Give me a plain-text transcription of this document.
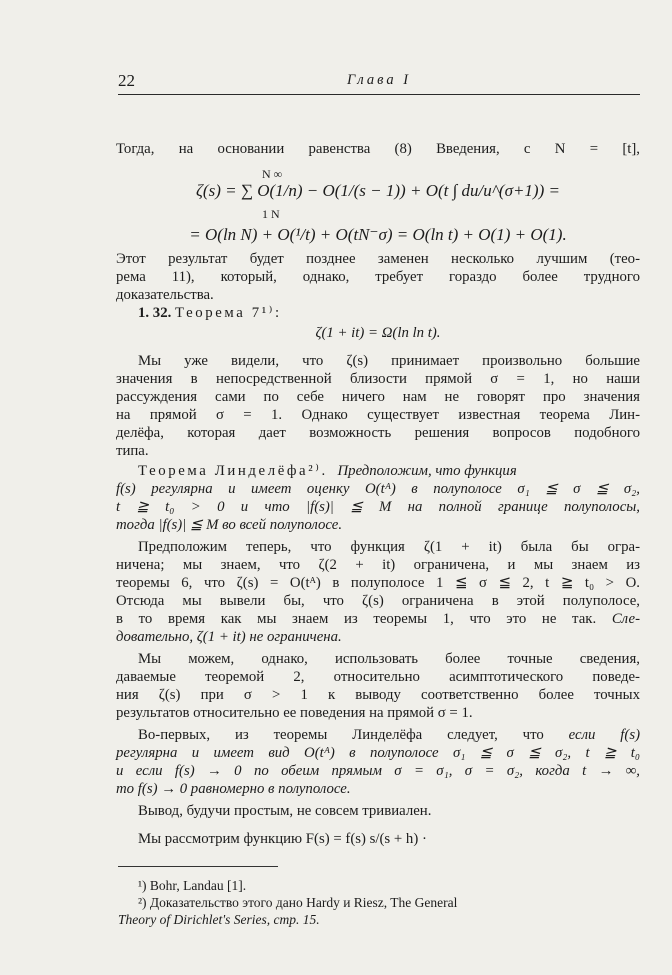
22	Глава I
Тогда, на основании равенства (8) Введения, с N = [t],
N ∞
ζ(s) = ∑ O(1/n) − O(1/(s − 1)) + O(t ∫ du/u^(σ+1)) =
1 N
= O(ln N) + O(¹/t) + O(tN⁻σ) = O(ln t) + O(1) + O(1).
Этот результат будет позднее заменен несколько лучшим (тео-
рема 11), который, однако, требует гораздо более трудного
доказательства.
1. 32. Теорема 7¹⁾:
ζ(1 + it) = Ω(ln ln t).
Мы уже видели, что ζ(s) принимает произвольно большие
значения в непосредственной близости прямой σ = 1, но наши
рассуждения сами по себе ничего нам не говорят про значения
на прямой σ = 1. Однако существует известная теорема Лин-
делёфа, которая дает возможность решения вопросов подобного
типа.
Теорема Линделёфа²⁾. Предположим, что функция
f(s) регулярна и имеет оценку O(tᴬ) в полуполосе σ₁ ≦ σ ≦ σ₂,
t ≧ t₀ > 0 и что |f(s)| ≦ M на полной границе полуполосы,
тогда |f(s)| ≦ M во всей полуполосе.
Предположим теперь, что функция ζ(1 + it) была бы огра-
ничена; мы знаем, что ζ(2 + it) ограничена, и мы знаем из
теоремы 6, что ζ(s) = O(tᴬ) в полуполосе 1 ≦ σ ≦ 2, t ≧ t₀ > O.
Отсюда мы вывели бы, что ζ(s) ограничена в этой полуполосе,
в то время как мы знаем из теоремы 1, что это не так. Сле-
довательно, ζ(1 + it) не ограничена.
Мы можем, однако, использовать более точные сведения,
даваемые теоремой 2, относительно асимптотического поведе-
ния ζ(s) при σ > 1 к выводу соответственно более точных
результатов относительно ее поведения на прямой σ = 1.
Во-первых, из теоремы Линделёфа следует, что если f(s)
регулярна и имеет вид O(tᴬ) в полуполосе σ₁ ≦ σ ≦ σ₂, t ≧ t₀
и если f(s) → 0 по обеим прямым σ = σ₁, σ = σ₂, когда t → ∞,
то f(s) → 0 равномерно в полуполосе.
Вывод, будучи простым, не совсем тривиален.
Мы рассмотрим функцию F(s) = f(s) s/(s + h) ·
¹) Bohr, Landau [1].
²) Доказательство этого дано Hardy и Riesz, The General
Theory of Dirichlet's Series, стр. 15.
